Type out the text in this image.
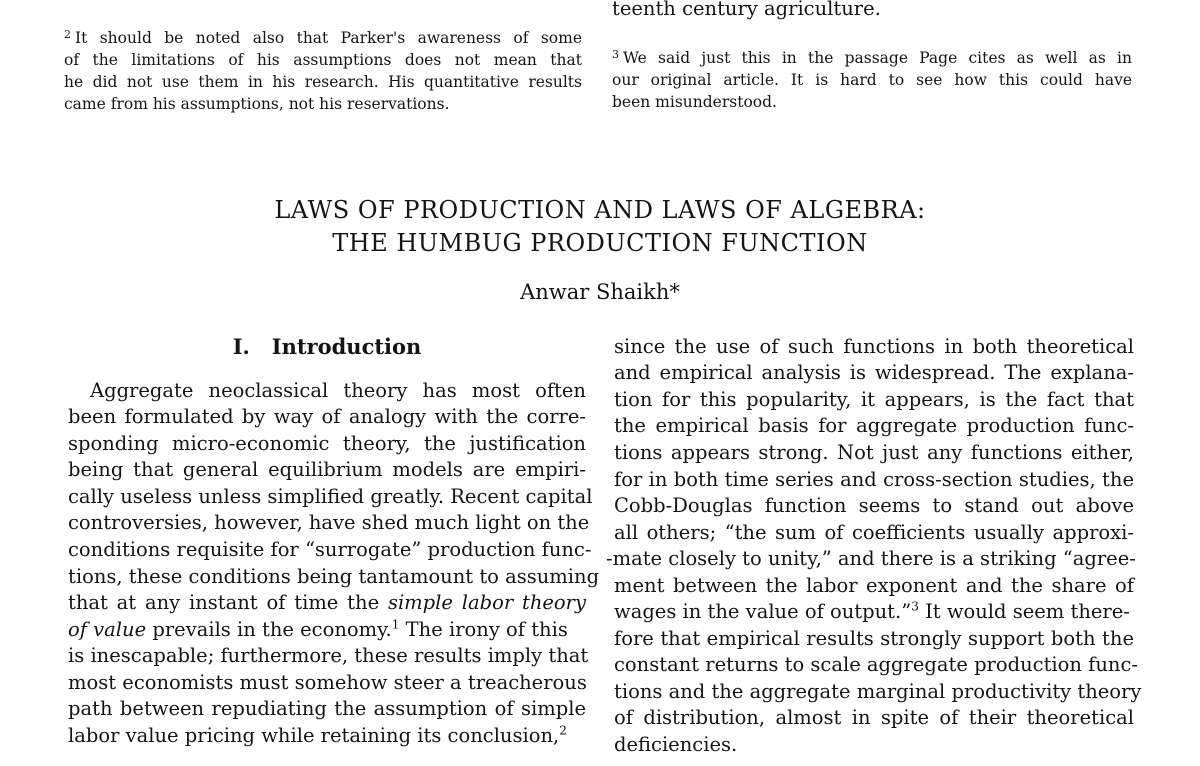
teenth century agriculture.
$^2$ It should be noted also that Parker's awareness of some
of the limitations of his assumptions does not mean that
he did not use them in his research. His quantitative results
came from his assumptions, not his reservations.
$^3$ We said just this in the passage Page cites as well as in
our original article. It is hard to see how this could have
been misunderstood.
LAWS OF PRODUCTION AND LAWS OF ALGEBRA:
THE HUMBUG PRODUCTION FUNCTION
Anwar Shaikh*
I.   Introduction
Aggregate neoclassical theory has most often
been formulated by way of analogy with the corre-
sponding micro-economic theory, the justification
being that general equilibrium models are empiri-
cally useless unless simplified greatly. Recent capital
controversies, however, have shed much light on the
conditions requisite for “surrogate” production func-
tions, these conditions being tantamount to assuming
that at any instant of time the simple labor theory
of value prevails in the economy.$^1$ The irony of this
is inescapable; furthermore, these results imply that
most economists must somehow steer a treacherous
path between repudiating the assumption of simple
labor value pricing while retaining its conclusion,$^2$
since the use of such functions in both theoretical
and empirical analysis is widespread. The explana-
tion for this popularity, it appears, is the fact that
the empirical basis for aggregate production func-
tions appears strong. Not just any functions either,
for in both time series and cross-section studies, the
Cobb-Douglas function seems to stand out above
all others; “the sum of coefficients usually approxi-
-mate closely to unity,” and there is a striking “agree-
ment between the labor exponent and the share of
wages in the value of output.”$^3$ It would seem there-
fore that empirical results strongly support both the
constant returns to scale aggregate production func-
tions and the aggregate marginal productivity theory
of distribution, almost in spite of their theoretical
deficiencies.
